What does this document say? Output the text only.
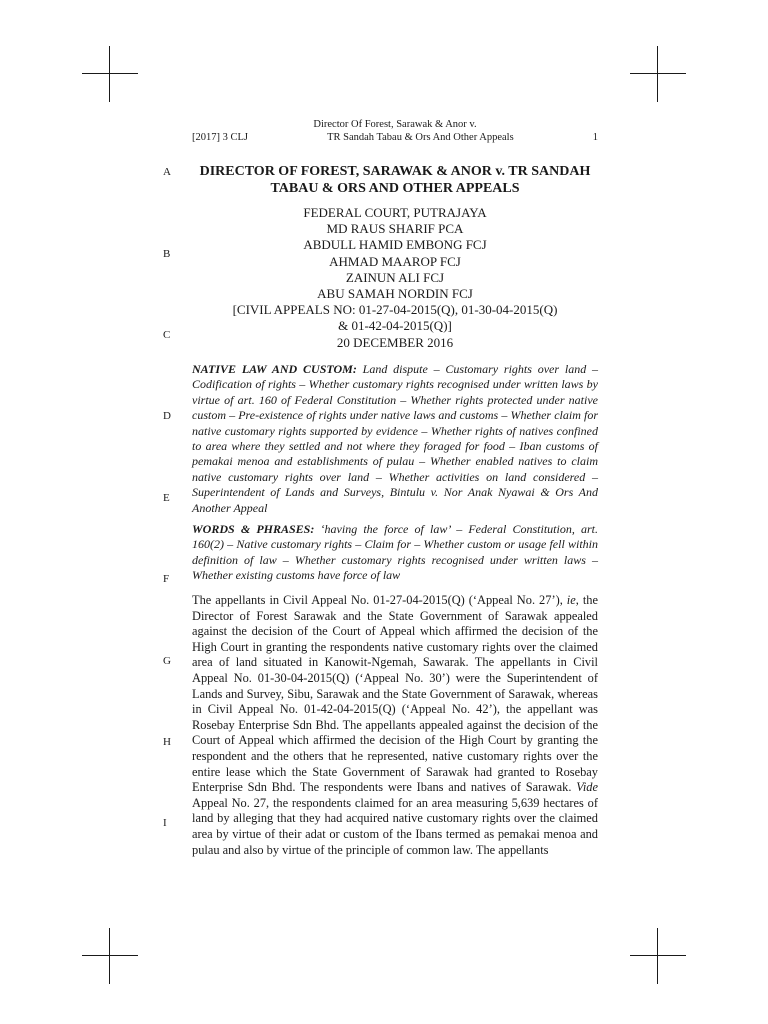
Director Of Forest, Sarawak & Anor v.
[2017] 3 CLJ	TR Sandah Tabau & Ors And Other Appeals	1
A
B
C
D
E
F
G
H
I
DIRECTOR OF FOREST, SARAWAK & ANOR v. TR SANDAH TABAU & ORS AND OTHER APPEALS
FEDERAL COURT, PUTRAJAYA
MD RAUS SHARIF PCA
ABDULL HAMID EMBONG FCJ
AHMAD MAAROP FCJ
ZAINUN ALI FCJ
ABU SAMAH NORDIN FCJ
[CIVIL APPEALS NO: 01-27-04-2015(Q), 01-30-04-2015(Q)
& 01-42-04-2015(Q)]
20 DECEMBER 2016
NATIVE LAW AND CUSTOM: Land dispute – Customary rights over land – Codification of rights – Whether customary rights recognised under written laws by virtue of art. 160 of Federal Constitution – Whether rights protected under native custom – Pre-existence of rights under native laws and customs – Whether claim for native customary rights supported by evidence – Whether rights of natives confined to area where they settled and not where they foraged for food – Iban customs of pemakai menoa and establishments of pulau – Whether enabled natives to claim native customary rights over land – Whether activities on land considered – Superintendent of Lands and Surveys, Bintulu v. Nor Anak Nyawai & Ors And Another Appeal
WORDS & PHRASES: ‘having the force of law’ – Federal Constitution, art. 160(2) – Native customary rights – Claim for – Whether custom or usage fell within definition of law – Whether customary rights recognised under written laws – Whether existing customs have force of law
The appellants in Civil Appeal No. 01-27-04-2015(Q) (‘Appeal No. 27’), ie, the Director of Forest Sarawak and the State Government of Sarawak appealed against the decision of the Court of Appeal which affirmed the decision of the High Court in granting the respondents native customary rights over the claimed area of land situated in Kanowit-Ngemah, Sawarak. The appellants in Civil Appeal No. 01-30-04-2015(Q) (‘Appeal No. 30’) were the Superintendent of Lands and Survey, Sibu, Sarawak and the State Government of Sarawak, whereas in Civil Appeal No. 01-42-04-2015(Q) (‘Appeal No. 42’), the appellant was Rosebay Enterprise Sdn Bhd. The appellants appealed against the decision of the Court of Appeal which affirmed the decision of the High Court by granting the respondent and the others that he represented, native customary rights over the entire lease which the State Government of Sarawak had granted to Rosebay Enterprise Sdn Bhd. The respondents were Ibans and natives of Sarawak. Vide Appeal No. 27, the respondents claimed for an area measuring 5,639 hectares of land by alleging that they had acquired native customary rights over the claimed area by virtue of their adat or custom of the Ibans termed as pemakai menoa and pulau and also by virtue of the principle of common law. The appellants
